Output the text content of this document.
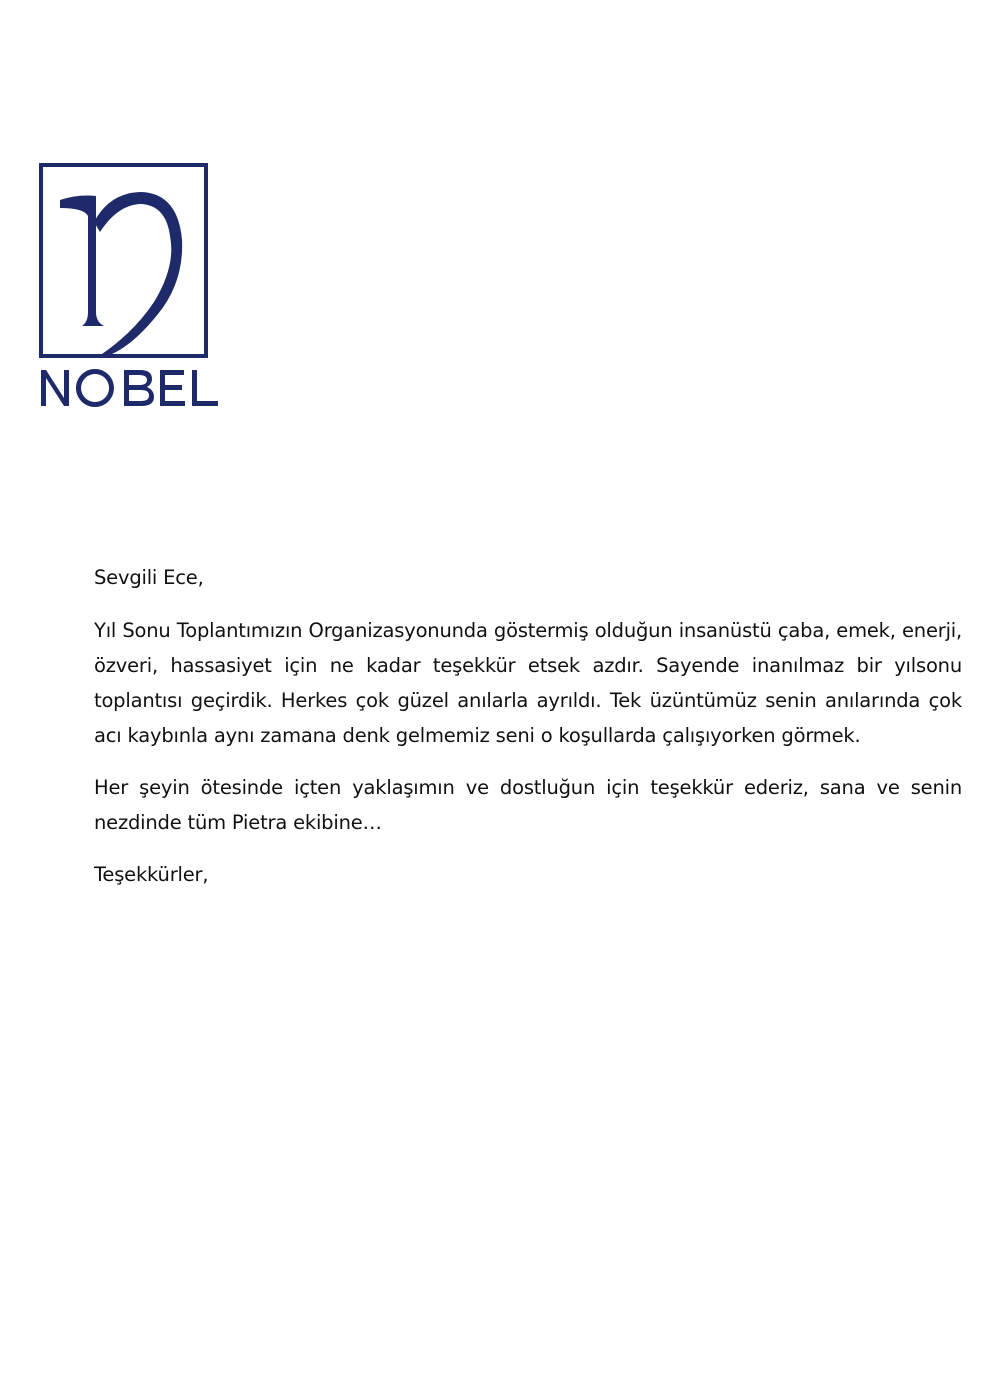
Sevgili Ece,

Yıl Sonu Toplantımızın Organizasyonunda göstermiş olduğun insanüstü çaba, emek, enerji, özveri, hassasiyet için ne kadar teşekkür etsek azdır. Sayende inanılmaz bir yılsonu toplantısı geçirdik. Herkes çok güzel anılarla ayrıldı. Tek üzüntümüz senin anılarında çok acı kaybınla aynı zamana denk gelmemiz seni o koşullarda çalışıyorken görmek.

Her şeyin ötesinde içten yaklaşımın ve dostluğun için teşekkür ederiz, sana ve senin nezdinde tüm Pietra ekibine…

Teşekkürler,
